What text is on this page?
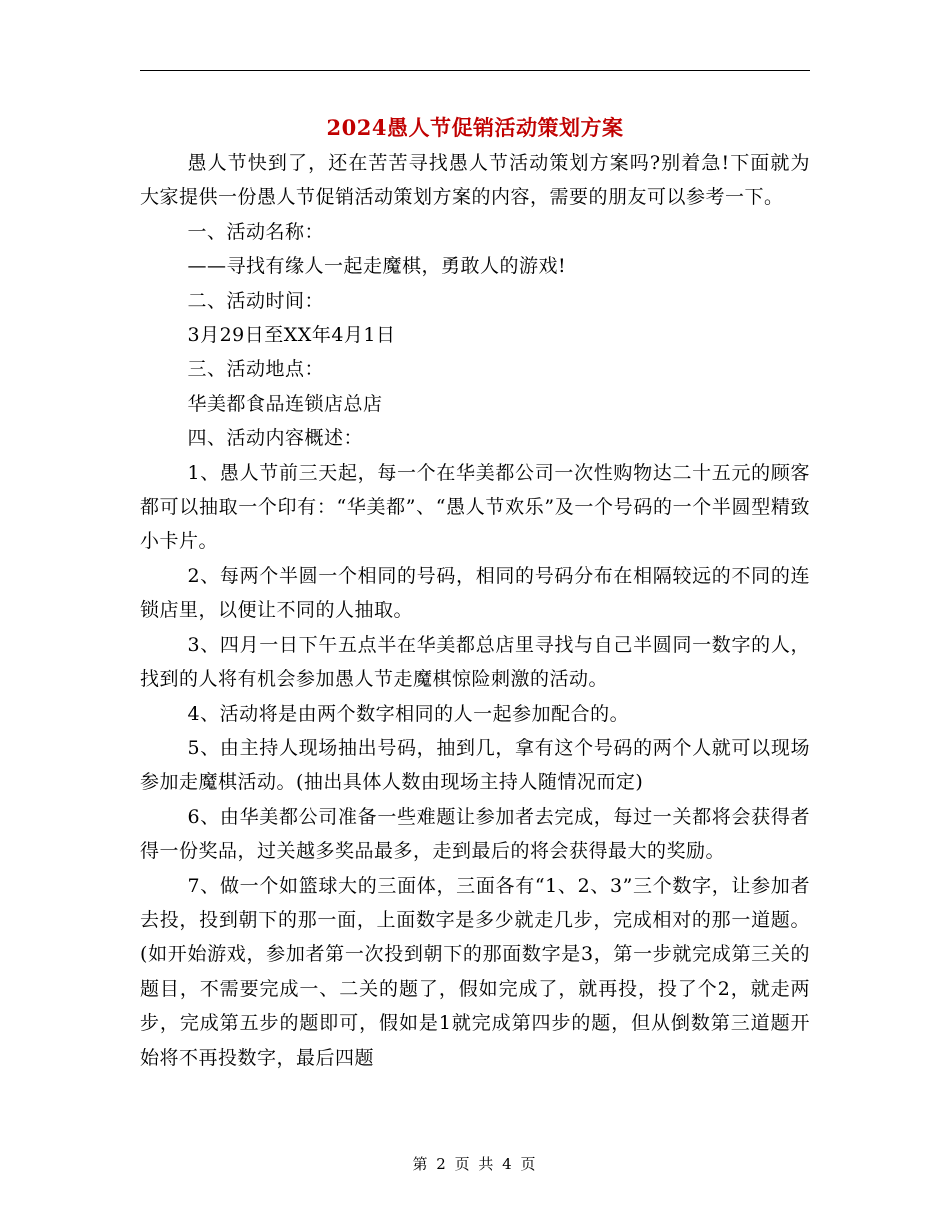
2024愚人节促销活动策划方案

愚人节快到了，还在苦苦寻找愚人节活动策划方案吗?别着急!下面就为大家提供一份愚人节促销活动策划方案的内容，需要的朋友可以参考一下。

一、活动名称：

——寻找有缘人一起走魔棋，勇敢人的游戏!

二、活动时间：

3月29日至XX年4月1日

三、活动地点：

华美都食品连锁店总店

四、活动内容概述：

1、愚人节前三天起，每一个在华美都公司一次性购物达二十五元的顾客都可以抽取一个印有：“华美都”、“愚人节欢乐”及一个号码的一个半圆型精致小卡片。

2、每两个半圆一个相同的号码，相同的号码分布在相隔较远的不同的连锁店里，以便让不同的人抽取。

3、四月一日下午五点半在华美都总店里寻找与自己半圆同一数字的人，找到的人将有机会参加愚人节走魔棋惊险刺激的活动。

4、活动将是由两个数字相同的人一起参加配合的。

5、由主持人现场抽出号码，抽到几，拿有这个号码的两个人就可以现场参加走魔棋活动。(抽出具体人数由现场主持人随情况而定)

6、由华美都公司准备一些难题让参加者去完成，每过一关都将会获得者得一份奖品，过关越多奖品最多，走到最后的将会获得最大的奖励。

7、做一个如篮球大的三面体，三面各有“1、2、3”三个数字，让参加者去投，投到朝下的那一面，上面数字是多少就走几步，完成相对的那一道题。(如开始游戏，参加者第一次投到朝下的那面数字是3，第一步就完成第三关的题目，不需要完成一、二关的题了，假如完成了，就再投，投了个2，就走两步，完成第五步的题即可，假如是1就完成第四步的题，但从倒数第三道题开始将不再投数字，最后四题

第 2 页 共 4 页
